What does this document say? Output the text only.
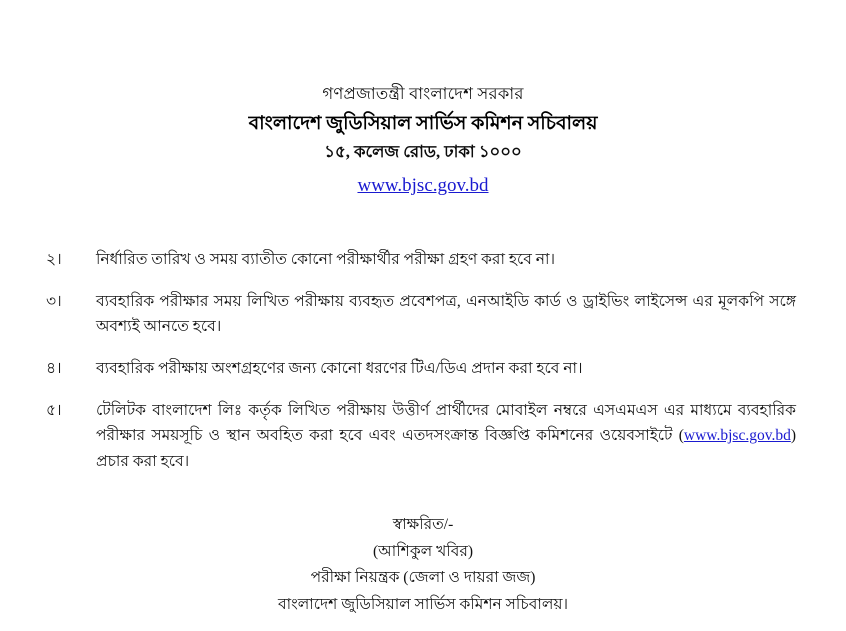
গণপ্রজাতন্ত্রী বাংলাদেশ সরকার
বাংলাদেশ জুডিসিয়াল সার্ভিস কমিশন সচিবালয়
১৫, কলেজ রোড, ঢাকা ১০০০
www.bjsc.gov.bd
২।	নির্ধারিত তারিখ ও সময় ব্যাতীত কোনো পরীক্ষার্থীর পরীক্ষা গ্রহণ করা হবে না।
৩।	ব্যবহারিক পরীক্ষার সময় লিখিত পরীক্ষায় ব্যবহৃত প্রবেশপত্র, এনআইডি কার্ড ও ড্রাইভিং লাইসেন্স এর মূলকপি সঙ্গে অবশ্যই আনতে হবে।
৪।	ব্যবহারিক পরীক্ষায় অংশগ্রহণের জন্য কোনো ধরণের টিএ/ডিএ প্রদান করা হবে না।
৫।	টেলিটক বাংলাদেশ লিঃ কর্তৃক লিখিত পরীক্ষায় উত্তীর্ণ প্রার্থীদের মোবাইল নম্বরে এসএমএস এর মাধ্যমে ব্যবহারিক পরীক্ষার সময়সূচি ও স্থান অবহিত করা হবে এবং এতদসংক্রান্ত বিজ্ঞপ্তি কমিশনের ওয়েবসাইটে (www.bjsc.gov.bd) প্রচার করা হবে।
স্বাক্ষরিত/-
(আশিকুল খবির)
পরীক্ষা নিয়ন্ত্রক (জেলা ও দায়রা জজ)
বাংলাদেশ জুডিসিয়াল সার্ভিস কমিশন সচিবালয়।
